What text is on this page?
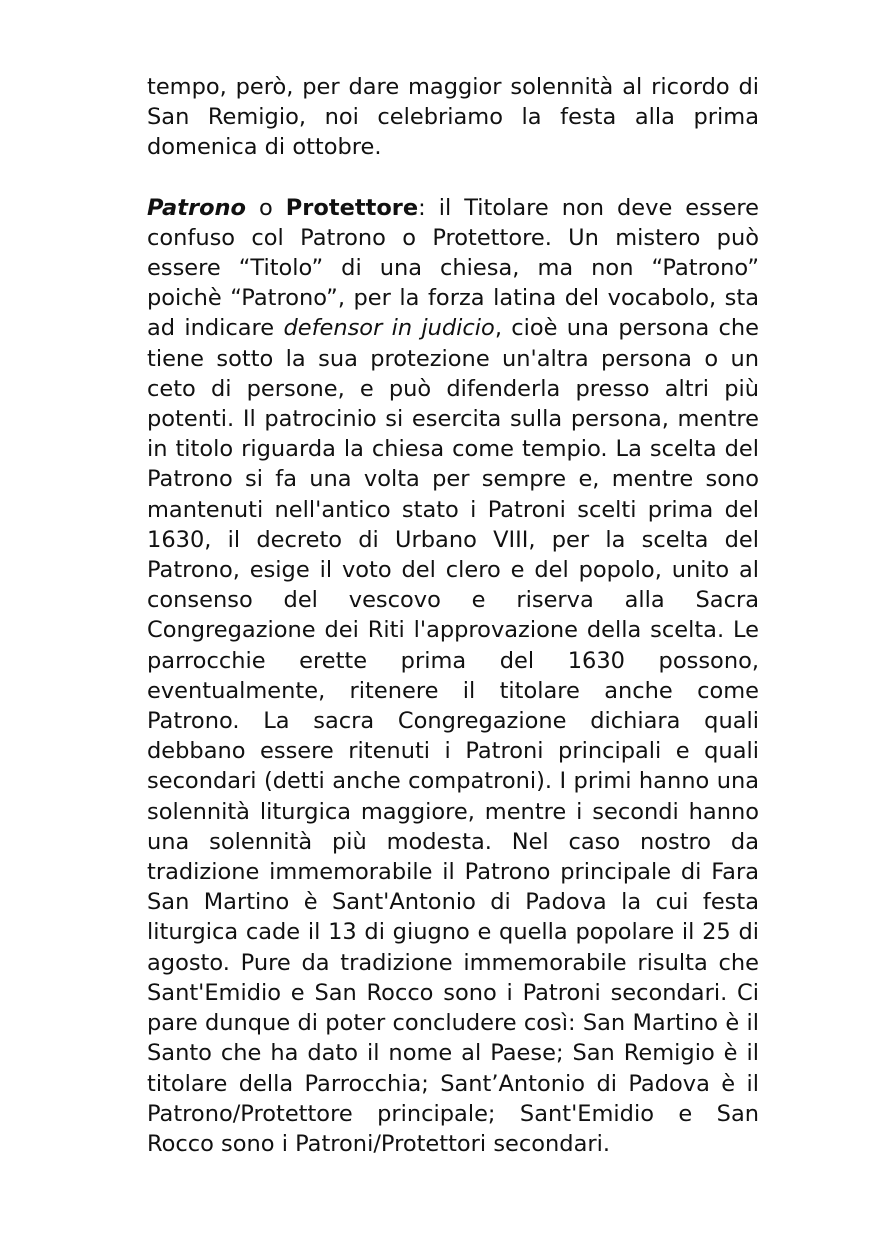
tempo, però, per dare maggior solennità al ricordo di San Remigio, noi celebriamo la festa alla prima domenica di ottobre.

Patrono o Protettore: il Titolare non deve essere confuso col Patrono o Protettore. Un mistero può essere “Titolo” di una chiesa, ma non “Patrono” poichè “Patrono”, per la forza latina del vocabolo, sta ad indicare defensor in judicio, cioè una persona che tiene sotto la sua protezione un'altra persona o un ceto di persone, e può difenderla presso altri più potenti. Il patrocinio si esercita sulla persona, mentre in titolo riguarda la chiesa come tempio. La scelta del Patrono si fa una volta per sempre e, mentre sono mantenuti nell'antico stato i Patroni scelti prima del 1630, il decreto di Urbano VIII, per la scelta del Patrono, esige il voto del clero e del popolo, unito al consenso del vescovo e riserva alla Sacra Congregazione dei Riti l'approvazione della scelta. Le parrocchie erette prima del 1630 possono, eventualmente, ritenere il titolare anche come Patrono. La sacra Congregazione dichiara quali debbano essere ritenuti i Patroni principali e quali secondari (detti anche compatroni). I primi hanno una solennità liturgica maggiore, mentre i secondi hanno una solennità più modesta. Nel caso nostro da tradizione immemorabile il Patrono principale di Fara San Martino è Sant'Antonio di Padova la cui festa liturgica cade il 13 di giugno e quella popolare il 25 di agosto. Pure da tradizione immemorabile risulta che Sant'Emidio e San Rocco sono i Patroni secondari. Ci pare dunque di poter concludere così: San Martino è il Santo che ha dato il nome al Paese; San Remigio è il titolare della Parrocchia; Sant’Antonio di Padova è il Patrono/Protettore principale; Sant'Emidio e San Rocco sono i Patroni/Protettori secondari.
